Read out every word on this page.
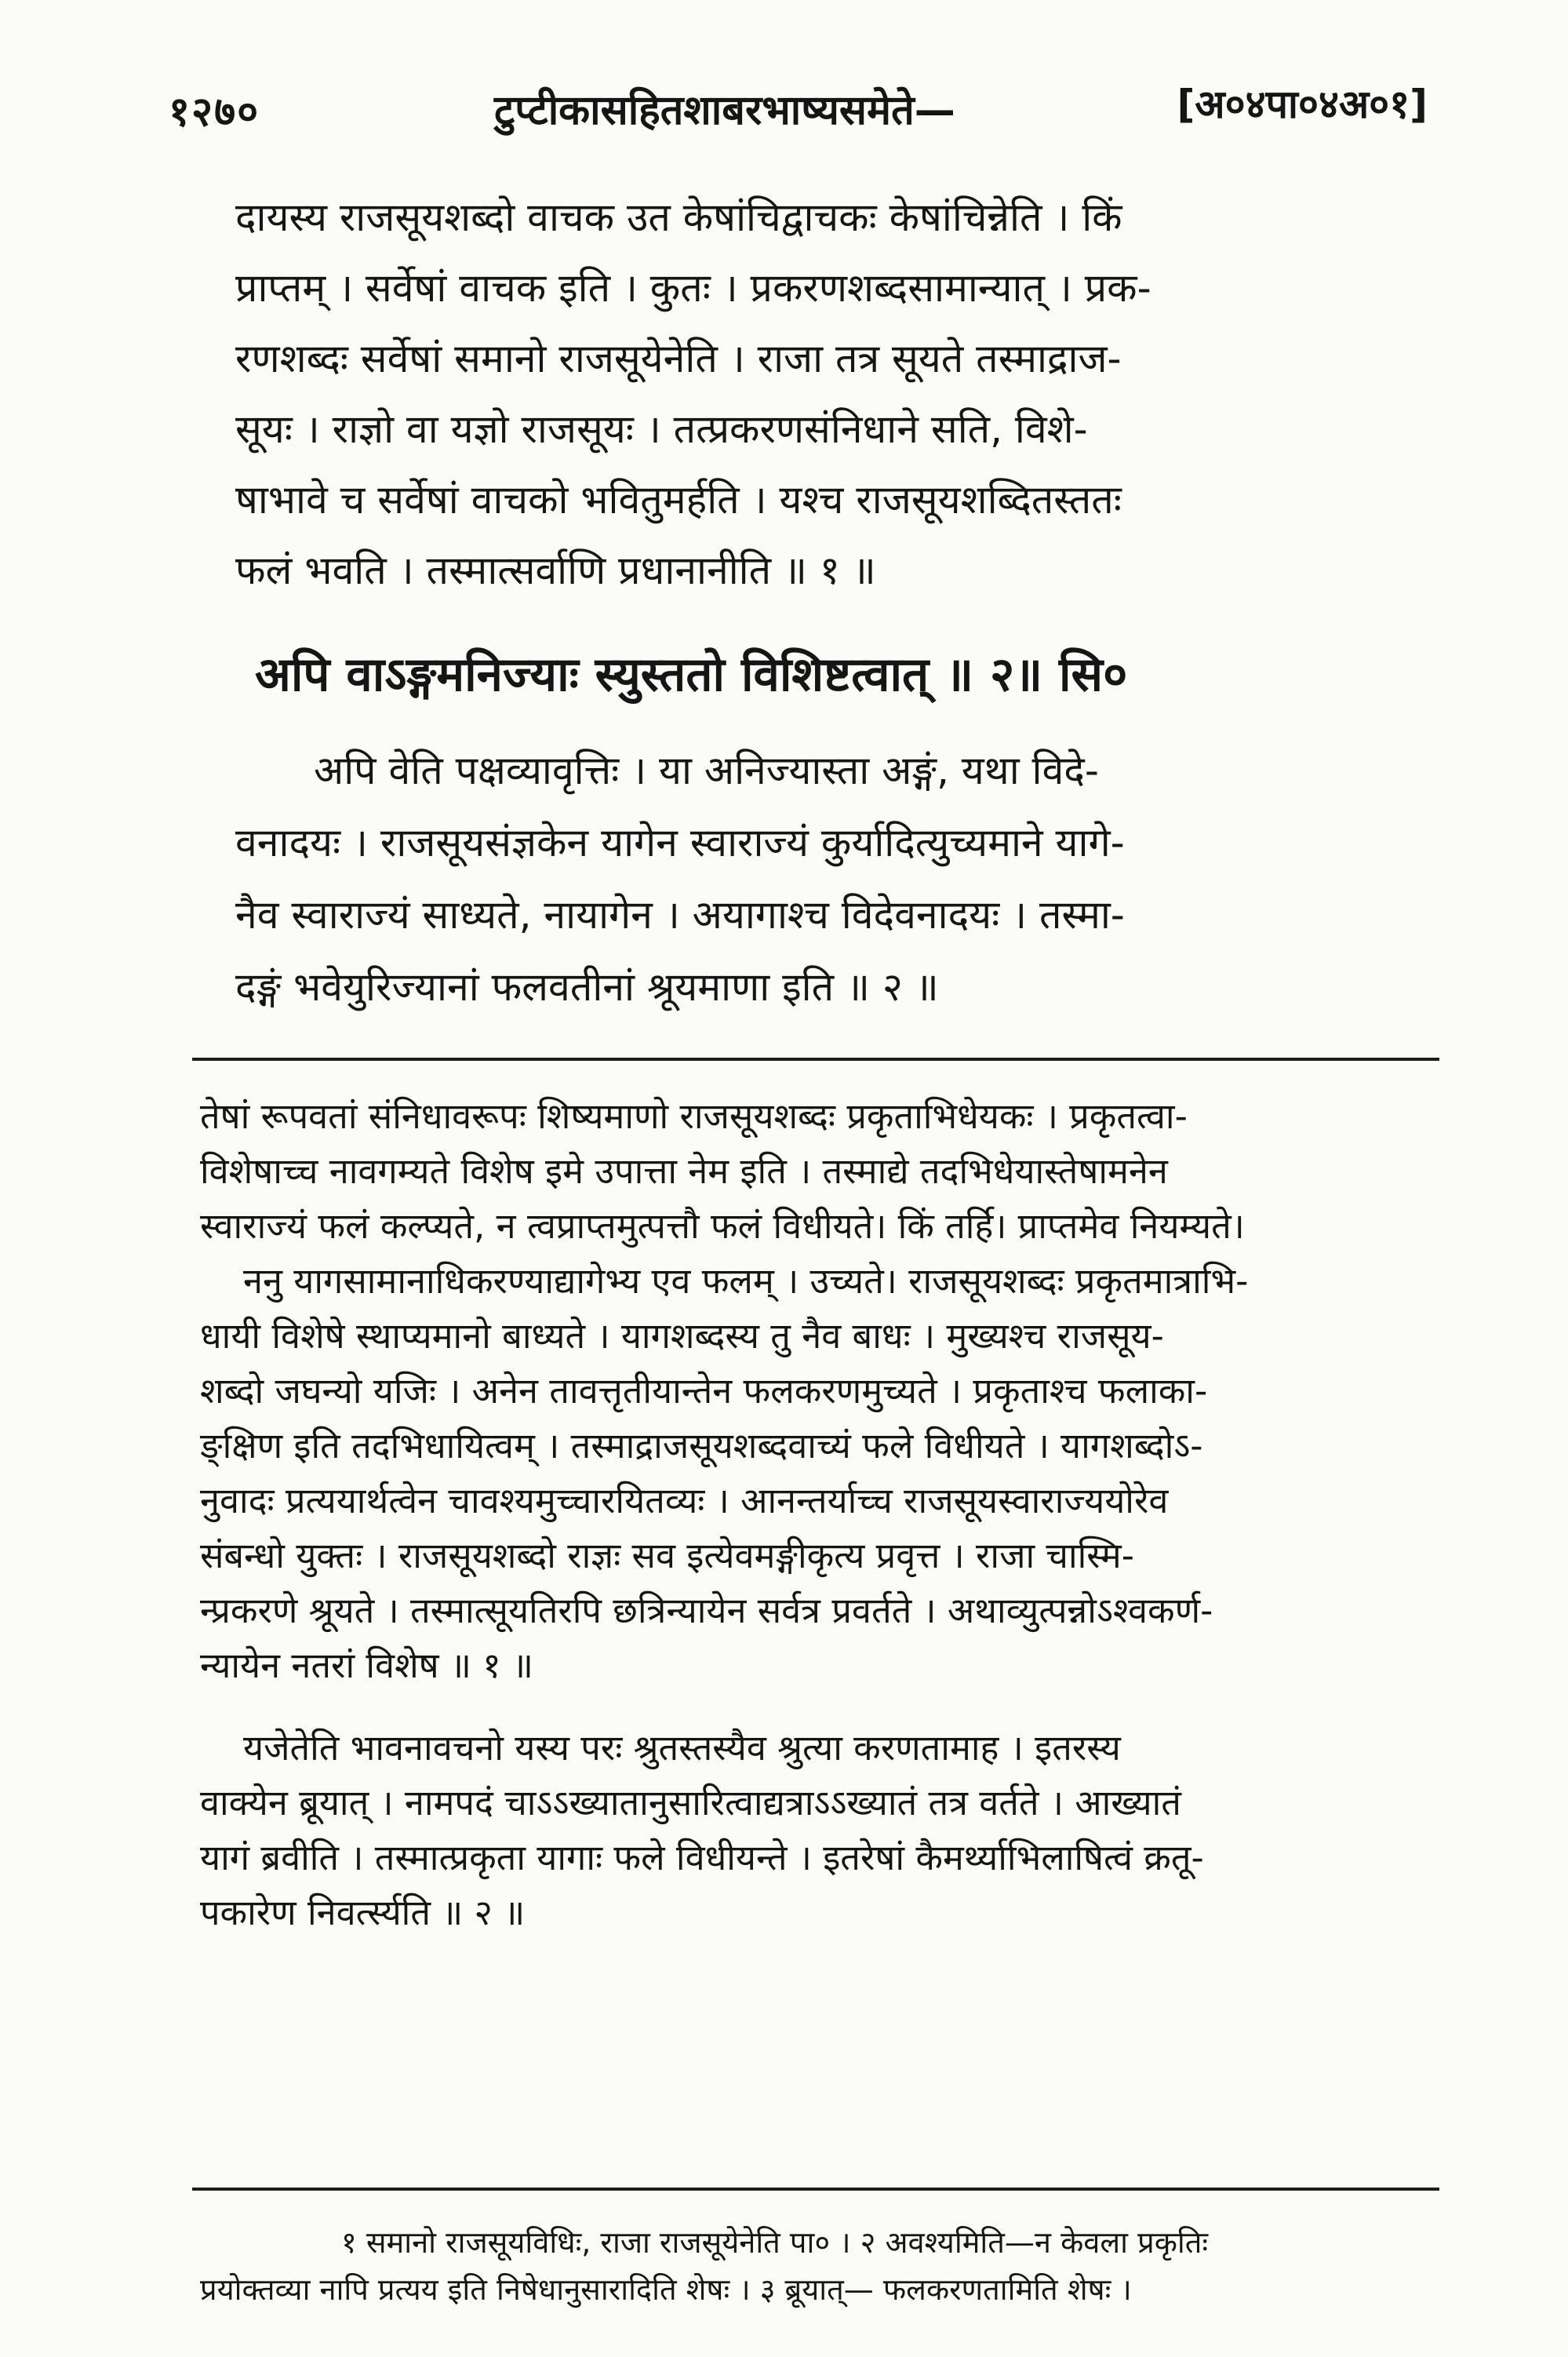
१२७०	टुप्टीकासहितशाबरभाष्यसमेते—	[अ०४पा०४अ०१]
दायस्य राजसूयशब्दो वाचक उत केषांचिद्वाचकः केषांचिन्नेति । किं
प्राप्तम् । सर्वेषां वाचक इति । कुतः । प्रकरणशब्दसामान्यात् । प्रक-
रणशब्दः सर्वेषां समानो राजसूयेनेति । राजा तत्र सूयते तस्माद्राज-
सूयः । राज्ञो वा यज्ञो राजसूयः । तत्प्रकरणसंनिधाने सति, विशे-
षाभावे च सर्वेषां वाचको भवितुमर्हति । यश्च राजसूयशब्दितस्ततः
फलं भवति । तस्मात्सर्वाणि प्रधानानीति ॥ १ ॥
अपि वाऽङ्गमनिज्याः स्युस्ततो विशिष्टत्वात् ॥ २॥ सि०
अपि वेति पक्षव्यावृत्तिः । या अनिज्यास्ता अङ्गं, यथा विदे-
वनादयः । राजसूयसंज्ञकेन यागेन स्वाराज्यं कुर्यादित्युच्यमाने यागे-
नैव स्वाराज्यं साध्यते, नायागेन । अयागाश्च विदेवनादयः । तस्मा-
दङ्गं भवेयुरिज्यानां फलवतीनां श्रूयमाणा इति ॥ २ ॥
तेषां रूपवतां संनिधावरूपः शिष्यमाणो राजसूयशब्दः प्रकृताभिधेयकः । प्रकृतत्वा-
विशेषाच्च नावगम्यते विशेष इमे उपात्ता नेम इति । तस्माद्ये तदभिधेयास्तेषामनेन
स्वाराज्यं फलं कल्प्यते, न त्वप्राप्तमुत्पत्तौ फलं विधीयते। किं तर्हि। प्राप्तमेव नियम्यते।
ननु यागसामानाधिकरण्याद्यागेभ्य एव फलम् । उच्यते। राजसूयशब्दः प्रकृतमात्राभि-
धायी विशेषे स्थाप्यमानो बाध्यते । यागशब्दस्य तु नैव बाधः । मुख्यश्च राजसूय-
शब्दो जघन्यो यजिः । अनेन तावत्तृतीयान्तेन फलकरणमुच्यते । प्रकृताश्च फलाका-
ङ्क्षिण इति तदभिधायित्वम् । तस्माद्राजसूयशब्दवाच्यं फले विधीयते । यागशब्दोऽ-
नुवादः प्रत्ययार्थत्वेन चावश्यमुच्चारयितव्यः । आनन्तर्याच्च राजसूयस्वाराज्ययोरेव
संबन्धो युक्तः । राजसूयशब्दो राज्ञः सव इत्येवमङ्गीकृत्य प्रवृत्त । राजा चास्मि-
न्प्रकरणे श्रूयते । तस्मात्सूयतिरपि छत्रिन्यायेन सर्वत्र प्रवर्तते । अथाव्युत्पन्नोऽश्वकर्ण-
न्यायेन नतरां विशेष ॥ १ ॥
यजेतेति भावनावचनो यस्य परः श्रुतस्तस्यैव श्रुत्या करणतामाह । इतरस्य
वाक्येन ब्रूयात् । नामपदं चाऽऽख्यातानुसारित्वाद्यत्राऽऽख्यातं तत्र वर्तते । आख्यातं
यागं ब्रवीति । तस्मात्प्रकृता यागाः फले विधीयन्ते । इतरेषां कैमर्थ्याभिलाषित्वं क्रतू-
पकारेण निवर्त्स्यति ॥ २ ॥
१ समानो राजसूयविधिः, राजा राजसूयेनेति पा० । २ अवश्यमिति—न केवला प्रकृतिः
प्रयोक्तव्या नापि प्रत्यय इति निषेधानुसारादिति शेषः । ३ ब्रूयात्— फलकरणतामिति शेषः ।
